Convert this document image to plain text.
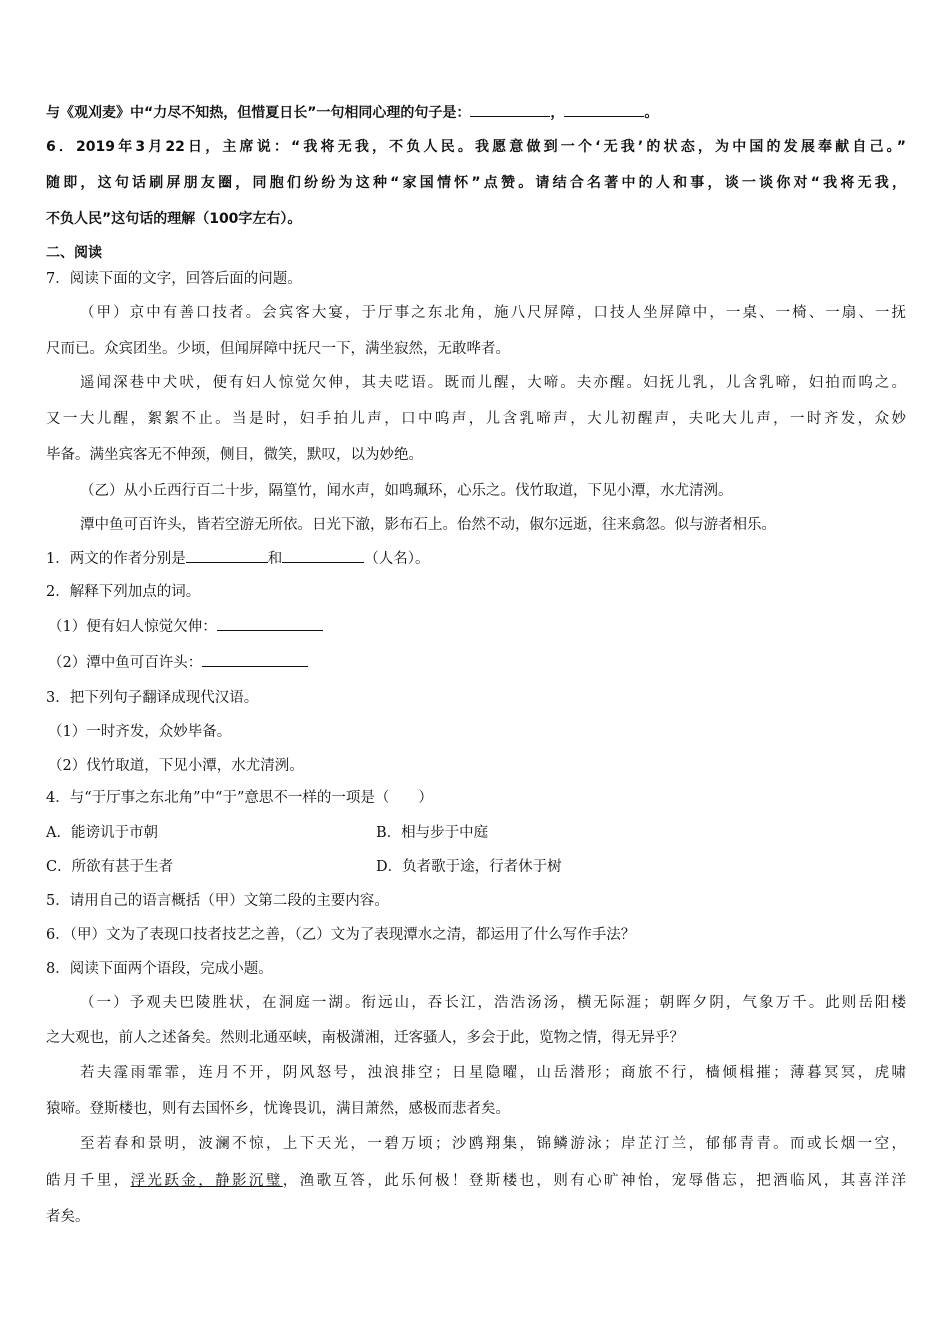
与《观刈麦》中“力尽不知热，但惜夏日长”一句相同心理的句子是：	，	。
6．2019年3月22日，主席说：“我将无我，不负人民。我愿意做到一个‘无我’的状态，为中国的发展奉献自己。”
随即，这句话刷屏朋友圈，同胞们纷纷为这种“家国情怀”点赞。请结合名著中的人和事，谈一谈你对“我将无我，
不负人民”这句话的理解（100字左右）。
二、阅读
7．阅读下面的文字，回答后面的问题。
（甲）京中有善口技者。会宾客大宴，于厅事之东北角，施八尺屏障，口技人坐屏障中，一桌、一椅、一扇、一抚
尺而已。众宾团坐。少顷，但闻屏障中抚尺一下，满坐寂然，无敢哗者。
遥闻深巷中犬吠，便有妇人惊觉欠伸，其夫呓语。既而儿醒，大啼。夫亦醒。妇抚儿乳，儿含乳啼，妇拍而呜之。
又一大儿醒，絮絮不止。当是时，妇手拍儿声，口中呜声，儿含乳啼声，大儿初醒声，夫叱大儿声，一时齐发，众妙
毕备。满坐宾客无不伸颈，侧目，微笑，默叹，以为妙绝。
（乙）从小丘西行百二十步，隔篁竹，闻水声，如鸣珮环，心乐之。伐竹取道，下见小潭，水尤清洌。
潭中鱼可百许头，皆若空游无所依。日光下澈，影布石上。佁然不动，俶尔远逝，往来翕忽。似与游者相乐。
1．两文的作者分别是	和	（人名）。
2．解释下列加点的词。
（1）便有妇人惊觉欠伸：
（2）潭中鱼可百许头：
3．把下列句子翻译成现代汉语。
（1）一时齐发，众妙毕备。
（2）伐竹取道，下见小潭，水尤清洌。
4．与“于厅事之东北角”中“于”意思不一样的一项是（　　）
A．能谤讥于市朝	B．相与步于中庭
C．所欲有甚于生者	D．负者歌于途，行者休于树
5．请用自己的语言概括（甲）文第二段的主要内容。
6．（甲）文为了表现口技者技艺之善，（乙）文为了表现潭水之清，都运用了什么写作手法？
8．阅读下面两个语段，完成小题。
（一）予观夫巴陵胜状，在洞庭一湖。衔远山，吞长江，浩浩汤汤，横无际涯；朝晖夕阴，气象万千。此则岳阳楼
之大观也，前人之述备矣。然则北通巫峡，南极潇湘，迁客骚人，多会于此，览物之情，得无异乎？
若夫霪雨霏霏，连月不开，阴风怒号，浊浪排空；日星隐曜，山岳潜形；商旅不行，樯倾楫摧；薄暮冥冥，虎啸
猿啼。登斯楼也，则有去国怀乡，忧谗畏讥，满目萧然，感极而悲者矣。
至若春和景明，波澜不惊，上下天光，一碧万顷；沙鸥翔集，锦鳞游泳；岸芷汀兰，郁郁青青。而或长烟一空，
皓月千里，浮光跃金，静影沉璧，渔歌互答，此乐何极！登斯楼也，则有心旷神怡，宠辱偕忘，把酒临风，其喜洋洋
者矣。
